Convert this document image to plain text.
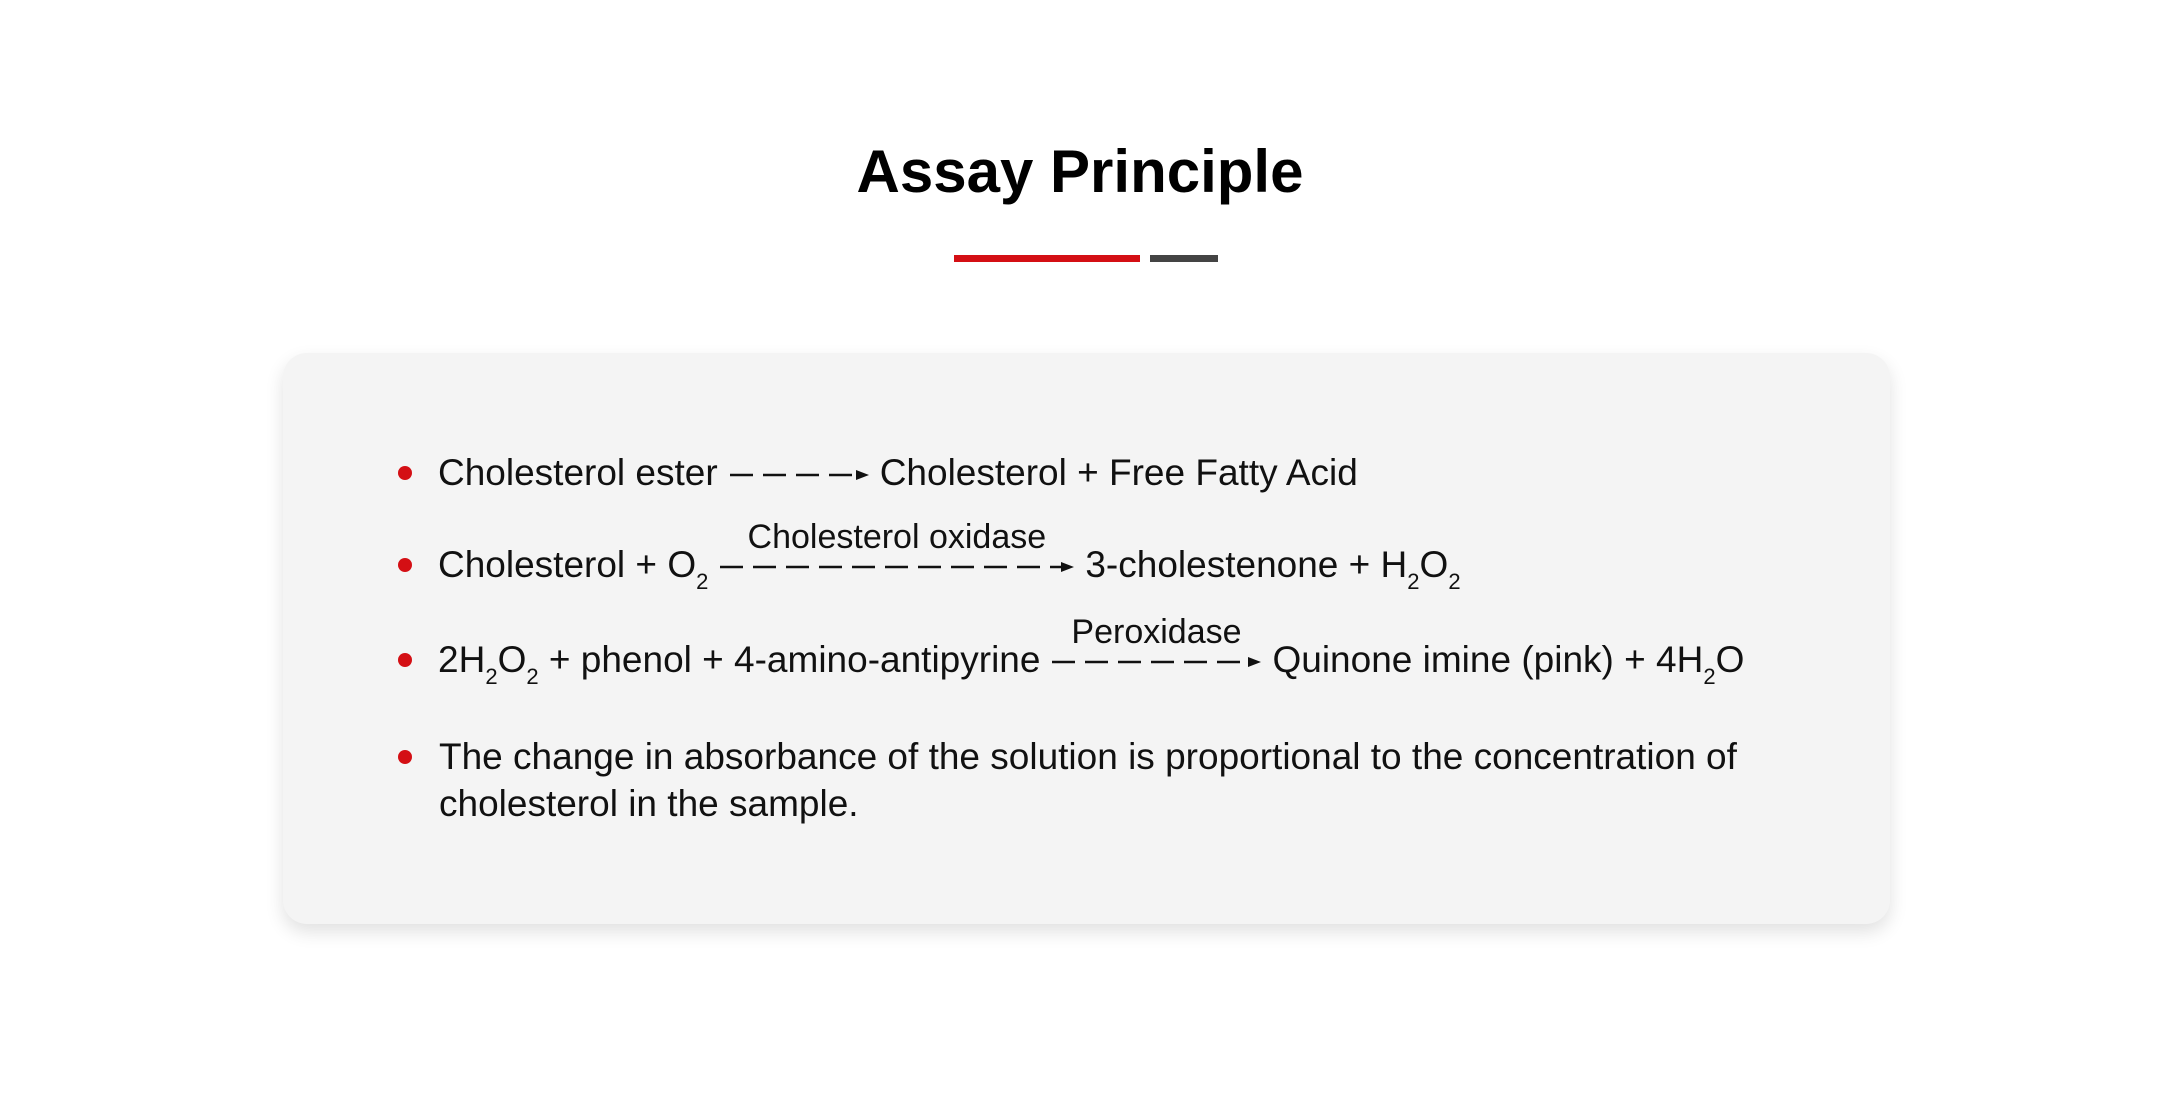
Assay Principle
Cholesterol ester → Cholesterol + Free Fatty Acid
Cholesterol + $O_2$
Cholesterol oxidase
3-cholestenone + $H_2O_2$
$2H_2O_2$ + phenol + 4-amino-antipyrine
Peroxidase
Quinone imine (pink) + $4H_2O$
The change in absorbance of the solution is proportional to the concentration of cholesterol in the sample.
